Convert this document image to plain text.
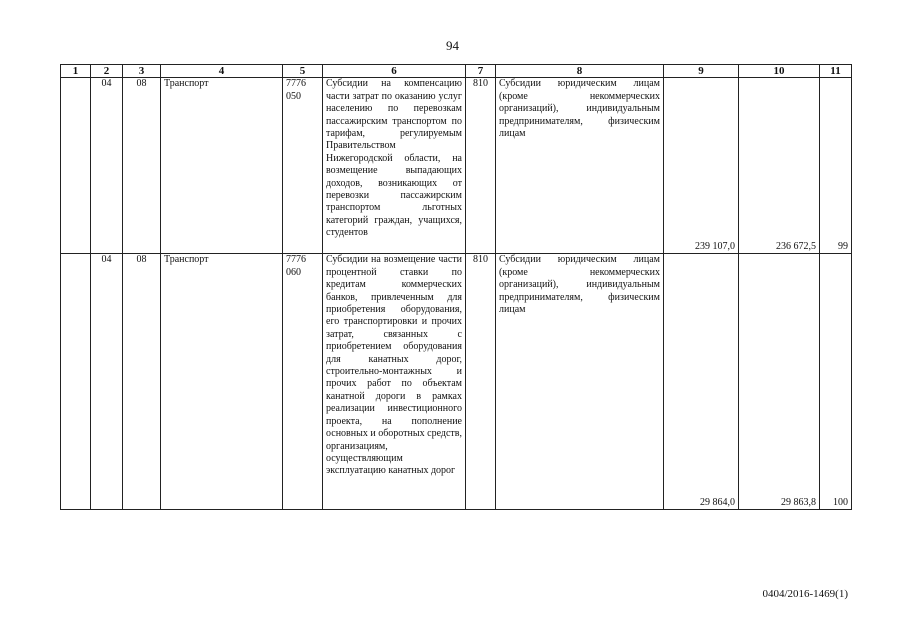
94
1	2	3	4	5	6	7	8	9	10	11
	04	08	Транспорт	7776 050	Субсидии на компенсацию части затрат по оказанию услуг населению по перевозкам пассажирским транспортом по тарифам, регулируемым Правительством Нижегородской области, на возмещение выпадающих доходов, возникающих от перевозки пассажирским транспортом льготных категорий граждан, учащихся, студентов	810	Субсидии юридическим лицам (кроме некоммерческих организаций), индивидуальным предпринимателям, физическим лицам	239 107,0	236 672,5	99
	04	08	Транспорт	7776 060	Субсидии на возмещение части процентной ставки по кредитам коммерческих банков, привлеченным для приобретения оборудования, его транспортировки и прочих затрат, связанных с приобретением оборудования для канатных дорог, строительно-монтажных и прочих работ по объектам канатной дороги в рамках реализации инвестиционного проекта, на пополнение основных и оборотных средств, организациям, осуществляющим эксплуатацию канатных дорог	810	Субсидии юридическим лицам (кроме некоммерческих организаций), индивидуальным предпринимателям, физическим лицам	29 864,0	29 863,8	100
0404/2016-1469(1)
